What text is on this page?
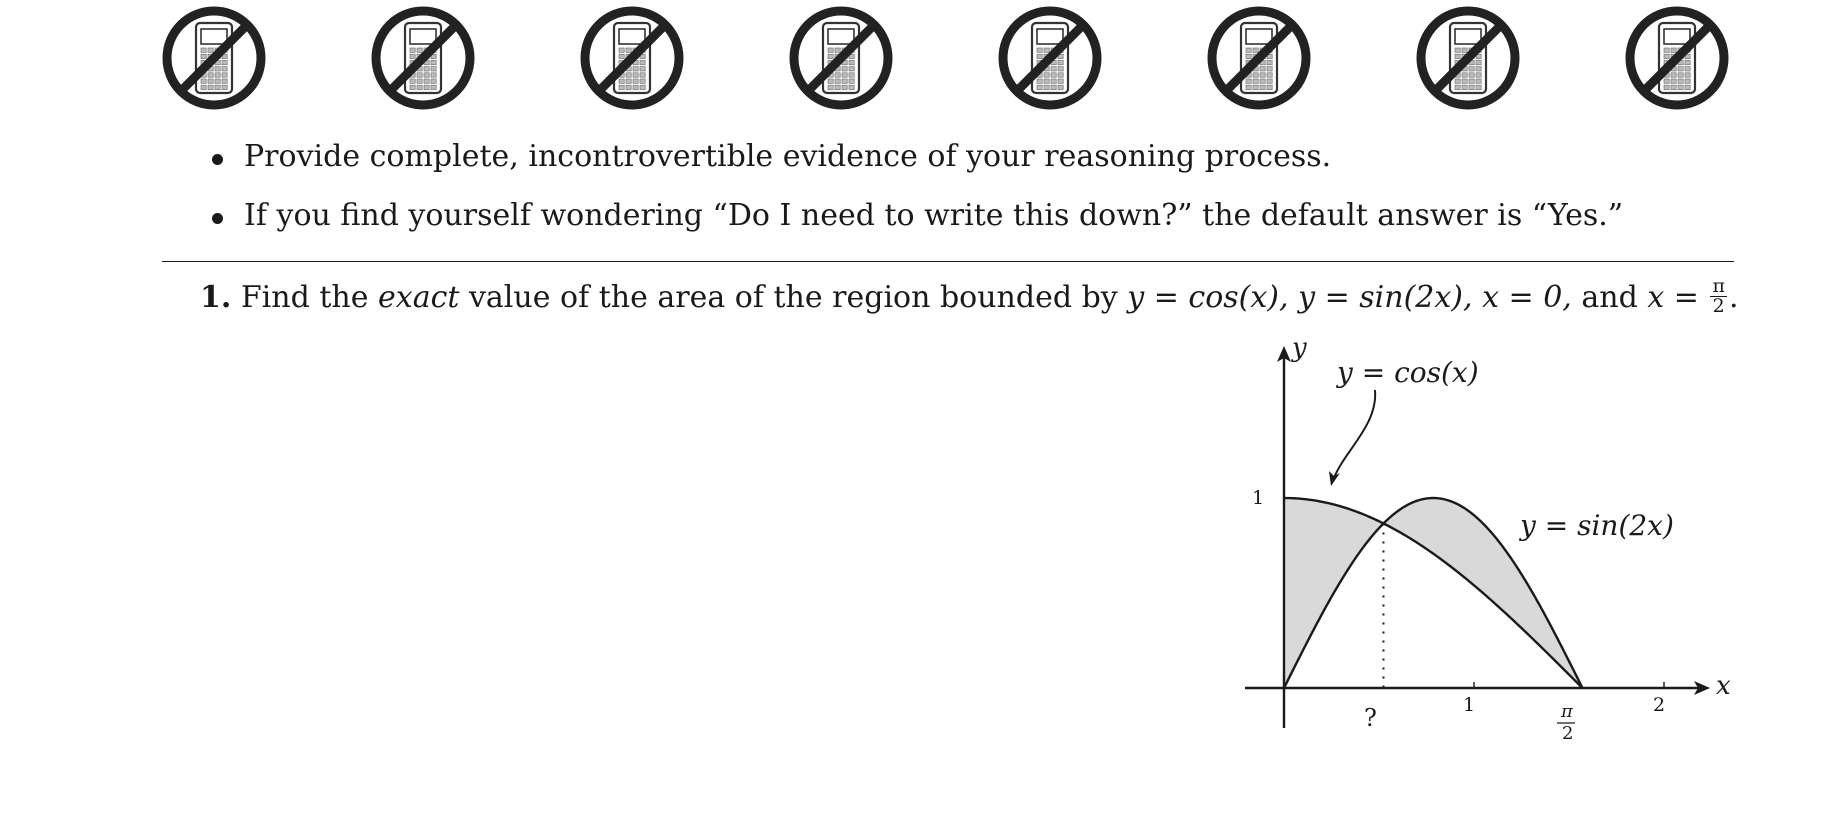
Provide complete, incontrovertible evidence of your reasoning process.
If you find yourself wondering “Do I need to write this down?” the default answer is “Yes.”
1. Find the exact value of the area of the region bounded by y = cos(x), y = sin(2x), x = 0, and $x = \frac{\pi}{2}$ .
y
x
1
1	2
π
2
?
y = cos(x)
y = sin(2x)
